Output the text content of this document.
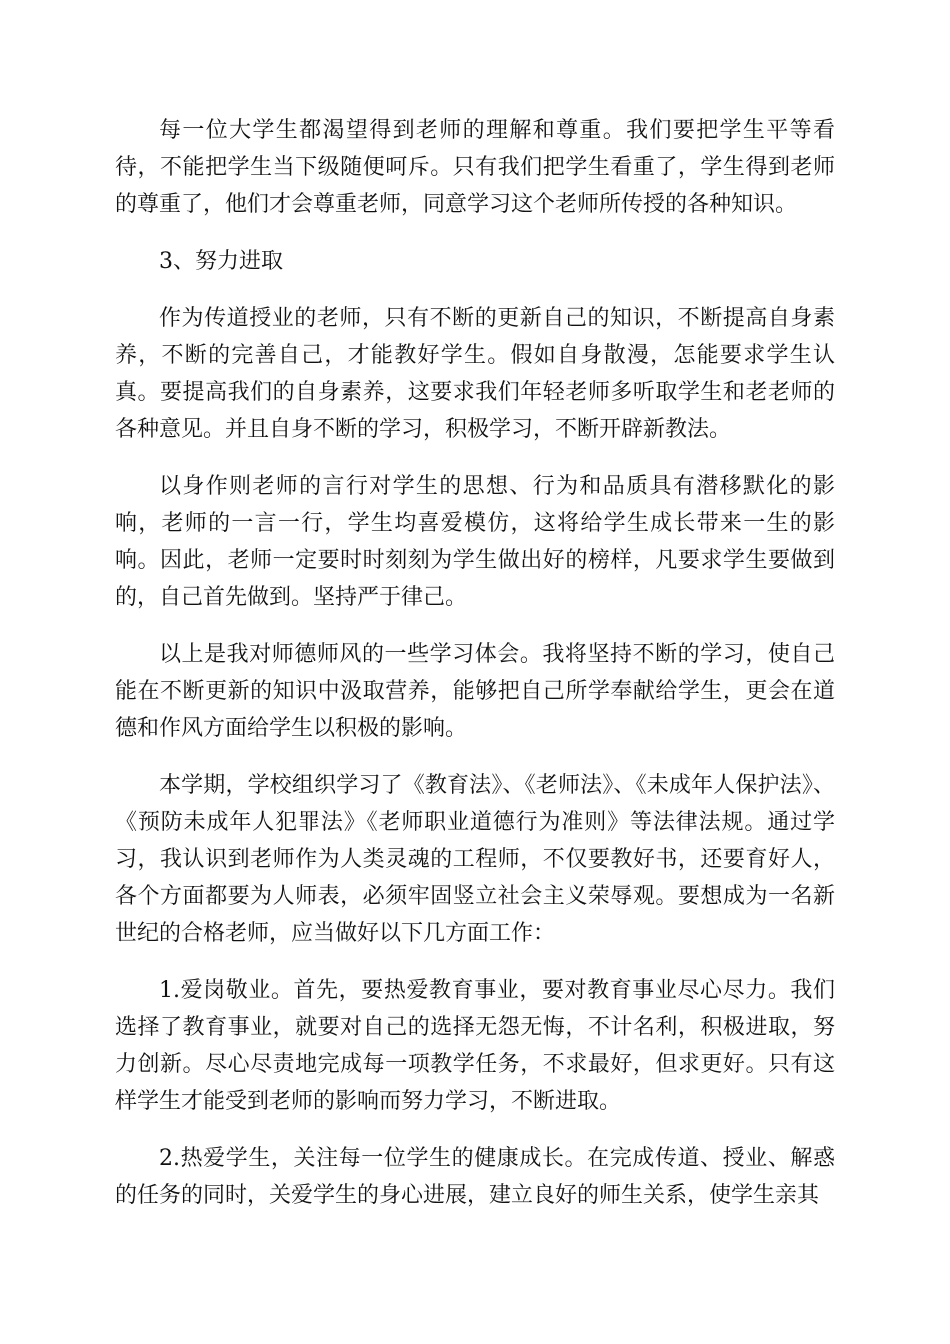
每一位大学生都渴望得到老师的理解和尊重。我们要把学生平等看待，不能把学生当下级随便呵斥。只有我们把学生看重了，学生得到老师的尊重了，他们才会尊重老师，同意学习这个老师所传授的各种知识。

3、努力进取

作为传道授业的老师，只有不断的更新自己的知识，不断提高自身素养，不断的完善自己，才能教好学生。假如自身散漫，怎能要求学生认真。要提高我们的自身素养，这要求我们年轻老师多听取学生和老老师的各种意见。并且自身不断的学习，积极学习，不断开辟新教法。

以身作则老师的言行对学生的思想、行为和品质具有潜移默化的影响，老师的一言一行，学生均喜爱模仿，这将给学生成长带来一生的影响。因此，老师一定要时时刻刻为学生做出好的榜样，凡要求学生要做到的，自己首先做到。坚持严于律己。

以上是我对师德师风的一些学习体会。我将坚持不断的学习，使自己能在不断更新的知识中汲取营养，能够把自己所学奉献给学生，更会在道德和作风方面给学生以积极的影响。

本学期，学校组织学习了《教育法》、《老师法》、《未成年人保护法》、《预防未成年人犯罪法》《老师职业道德行为准则》等法律法规。通过学习，我认识到老师作为人类灵魂的工程师，不仅要教好书，还要育好人，各个方面都要为人师表，必须牢固竖立社会主义荣辱观。要想成为一名新世纪的合格老师，应当做好以下几方面工作：

1.爱岗敬业。首先，要热爱教育事业，要对教育事业尽心尽力。我们选择了教育事业，就要对自己的选择无怨无悔，不计名利，积极进取，努力创新。尽心尽责地完成每一项教学任务，不求最好，但求更好。只有这样学生才能受到老师的影响而努力学习，不断进取。

2.热爱学生，关注每一位学生的健康成长。在完成传道、授业、解惑的任务的同时，关爱学生的身心进展，建立良好的师生关系，使学生亲其
